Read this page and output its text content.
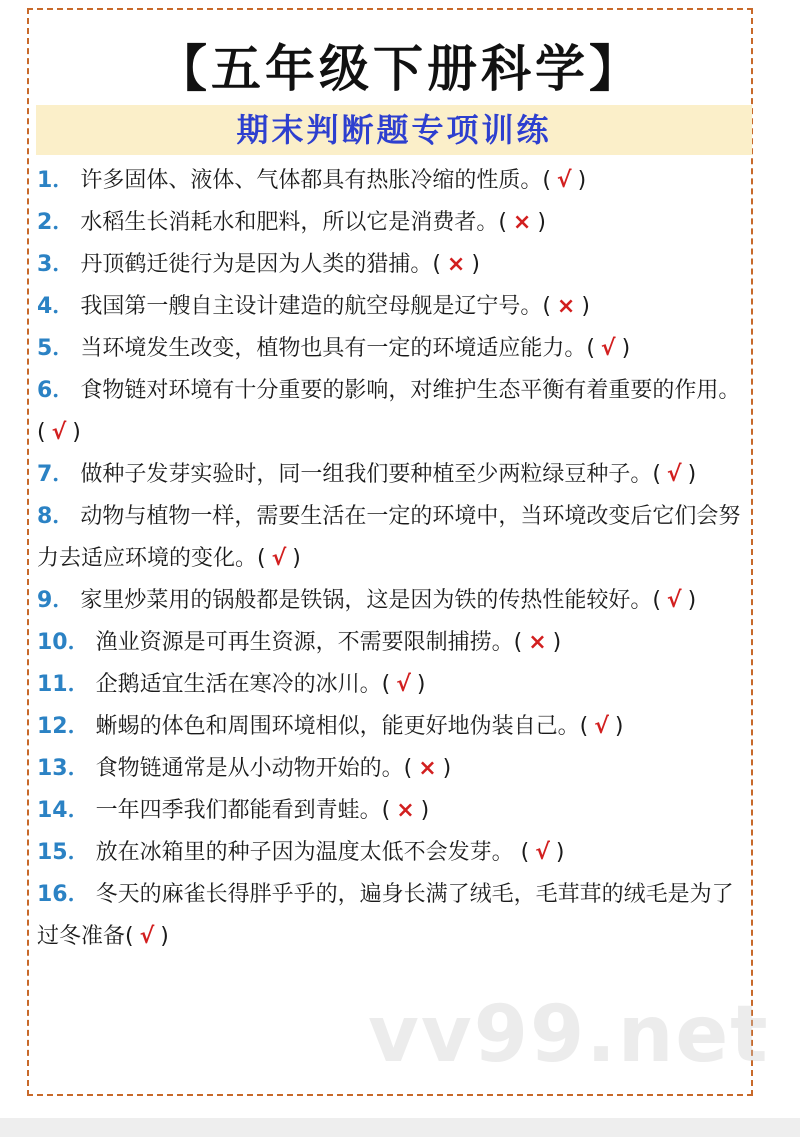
【五年级下册科学】
期末判断题专项训练
1． 许多固体、液体、气体都具有热胀冷缩的性质。( √ )
2． 水稻生长消耗水和肥料，所以它是消费者。( × )
3． 丹顶鹤迁徙行为是因为人类的猎捕。( × )
4． 我国第一艘自主设计建造的航空母舰是辽宁号。( × )
5． 当环境发生改变，植物也具有一定的环境适应能力。( √ )
6． 食物链对环境有十分重要的影响，对维护生态平衡有着重要的作用。 ( √ )
7． 做种子发芽实验时，同一组我们要种植至少两粒绿豆种子。( √ )
8． 动物与植物一样，需要生活在一定的环境中，当环境改变后它们会努力去适应环境的变化。( √ )
9． 家里炒菜用的锅般都是铁锅，这是因为铁的传热性能较好。( √ )
10． 渔业资源是可再生资源，不需要限制捕捞。( × )
11． 企鹅适宜生活在寒冷的冰川。( √ )
12． 蜥蜴的体色和周围环境相似，能更好地伪装自己。( √ )
13． 食物链通常是从小动物开始的。( × )
14． 一年四季我们都能看到青蛙。( × )
15． 放在冰箱里的种子因为温度太低不会发芽。 ( √ )
16． 冬天的麻雀长得胖乎乎的，遍身长满了绒毛，毛茸茸的绒毛是为了过冬准备( √ )
vv99.net
